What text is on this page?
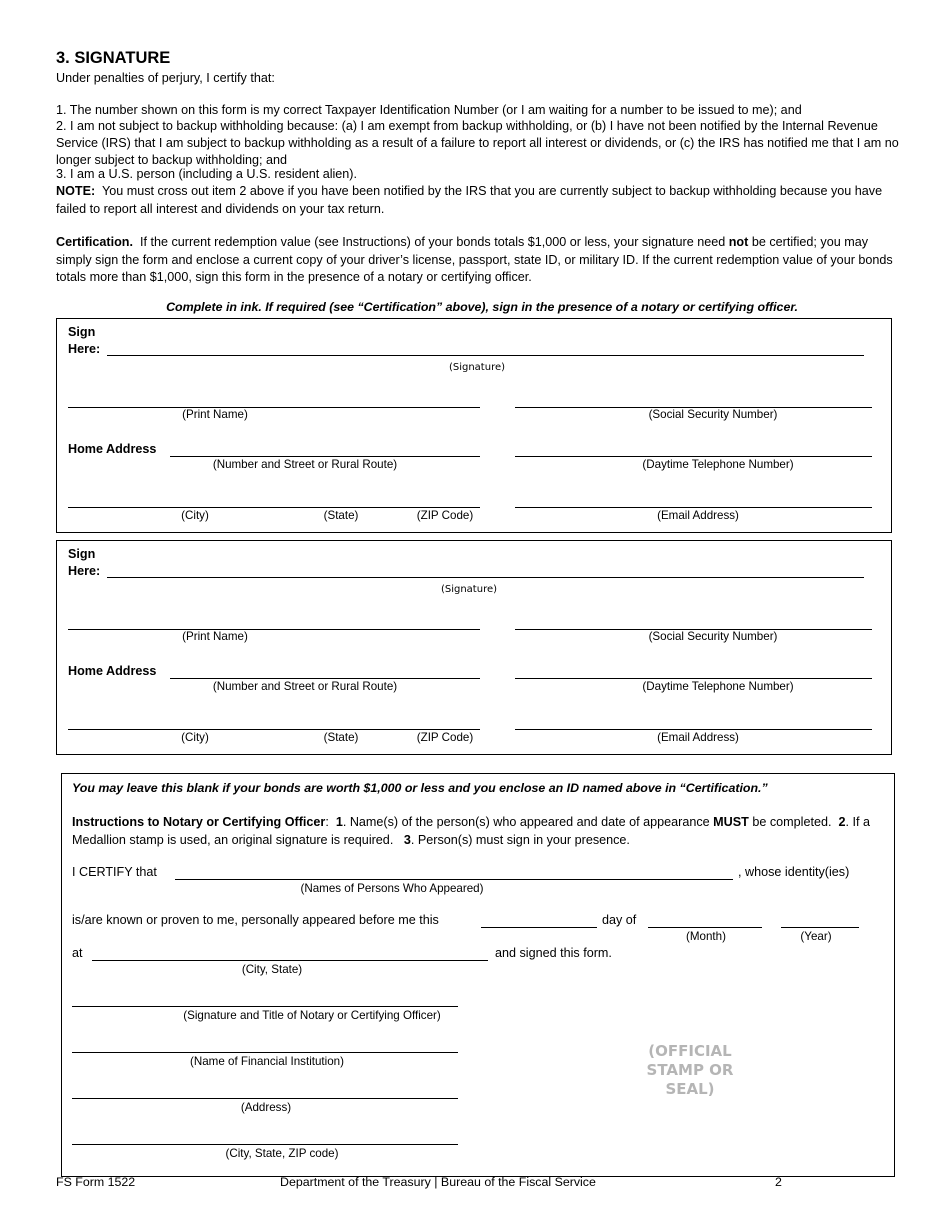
3. SIGNATURE
Under penalties of perjury, I certify that:
1. The number shown on this form is my correct Taxpayer Identification Number (or I am waiting for a number to be issued to me); and
2. I am not subject to backup withholding because: (a) I am exempt from backup withholding, or (b) I have not been notified by the Internal Revenue Service (IRS) that I am subject to backup withholding as a result of a failure to report all interest or dividends, or (c) the IRS has notified me that I am no longer subject to backup withholding; and
3. I am a U.S. person (including a U.S. resident alien).
NOTE: You must cross out item 2 above if you have been notified by the IRS that you are currently subject to backup withholding because you have failed to report all interest and dividends on your tax return.
Certification. If the current redemption value (see Instructions) of your bonds totals $1,000 or less, your signature need not be certified; you may simply sign the form and enclose a current copy of your driver’s license, passport, state ID, or military ID. If the current redemption value of your bonds totals more than $1,000, sign this form in the presence of a notary or certifying officer.
Complete in ink. If required (see “Certification” above), sign in the presence of a notary or certifying officer.
Sign
Here:
(Signature)
(Print Name)	(Social Security Number)
Home Address
(Number and Street or Rural Route)	(Daytime Telephone Number)
(City)	(State)	(ZIP Code)	(Email Address)
Sign
Here:
(Signature)
(Print Name)	(Social Security Number)
Home Address
(Number and Street or Rural Route)	(Daytime Telephone Number)
(City)	(State)	(ZIP Code)	(Email Address)
You may leave this blank if your bonds are worth $1,000 or less and you enclose an ID named above in “Certification.”
Instructions to Notary or Certifying Officer:  1. Name(s) of the person(s) who appeared and date of appearance MUST be completed. 2. If a Medallion stamp is used, an original signature is required. 3. Person(s) must sign in your presence.
I CERTIFY that	, whose identity(ies)
(Names of Persons Who Appeared)
is/are known or proven to me, personally appeared before me this	day of
(Month)	(Year)
at	and signed this form.
(City, State)
(Signature and Title of Notary or Certifying Officer)
(Name of Financial Institution)
(Address)
(City, State, ZIP code)
(OFFICIAL STAMP OR SEAL)
FS Form 1522	Department of the Treasury | Bureau of the Fiscal Service	2
